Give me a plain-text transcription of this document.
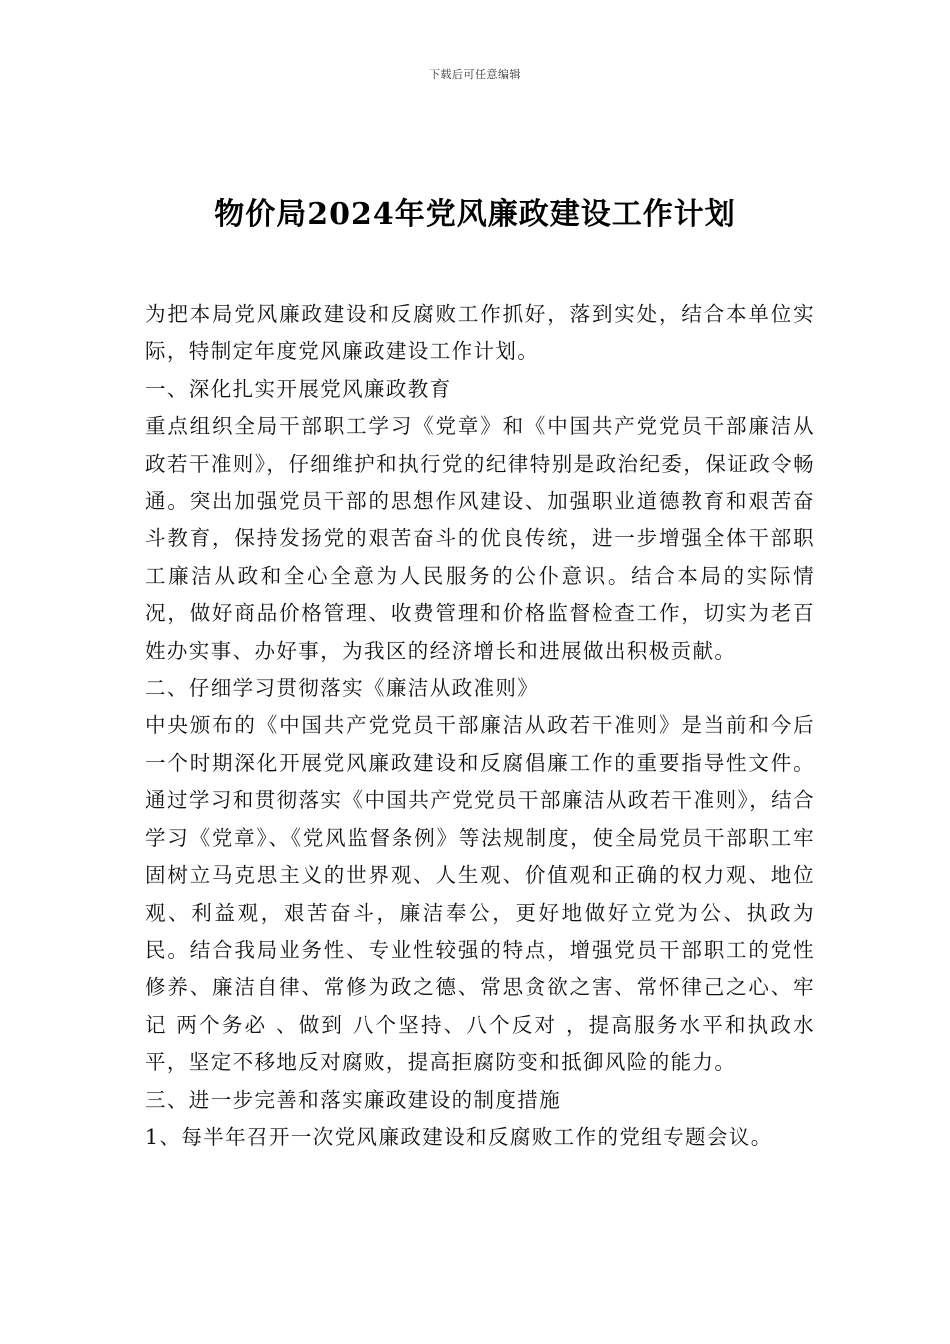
下载后可任意编辑
物价局2024年党风廉政建设工作计划

为把本局党风廉政建设和反腐败工作抓好，落到实处，结合本单位实际，特制定年度党风廉政建设工作计划。

一、深化扎实开展党风廉政教育

重点组织全局干部职工学习《党章》和《中国共产党党员干部廉洁从政若干准则》，仔细维护和执行党的纪律特别是政治纪委，保证政令畅通。突出加强党员干部的思想作风建设、加强职业道德教育和艰苦奋斗教育，保持发扬党的艰苦奋斗的优良传统，进一步增强全体干部职工廉洁从政和全心全意为人民服务的公仆意识。结合本局的实际情况，做好商品价格管理、收费管理和价格监督检查工作，切实为老百姓办实事、办好事，为我区的经济增长和进展做出积极贡献。

二、仔细学习贯彻落实《廉洁从政准则》

中央颁布的《中国共产党党员干部廉洁从政若干准则》是当前和今后一个时期深化开展党风廉政建设和反腐倡廉工作的重要指导性文件。通过学习和贯彻落实《中国共产党党员干部廉洁从政若干准则》，结合学习《党章》、《党风监督条例》等法规制度，使全局党员干部职工牢固树立马克思主义的世界观、人生观、价值观和正确的权力观、地位观、利益观，艰苦奋斗，廉洁奉公，更好地做好立党为公、执政为民。结合我局业务性、专业性较强的特点，增强党员干部职工的党性修养、廉洁自律、常修为政之德、常思贪欲之害、常怀律己之心、牢记 两个务必 、做到 八个坚持、八个反对 ，提高服务水平和执政水平，坚定不移地反对腐败，提高拒腐防变和抵御风险的能力。

三、进一步完善和落实廉政建设的制度措施

1、每半年召开一次党风廉政建设和反腐败工作的党组专题会议。
